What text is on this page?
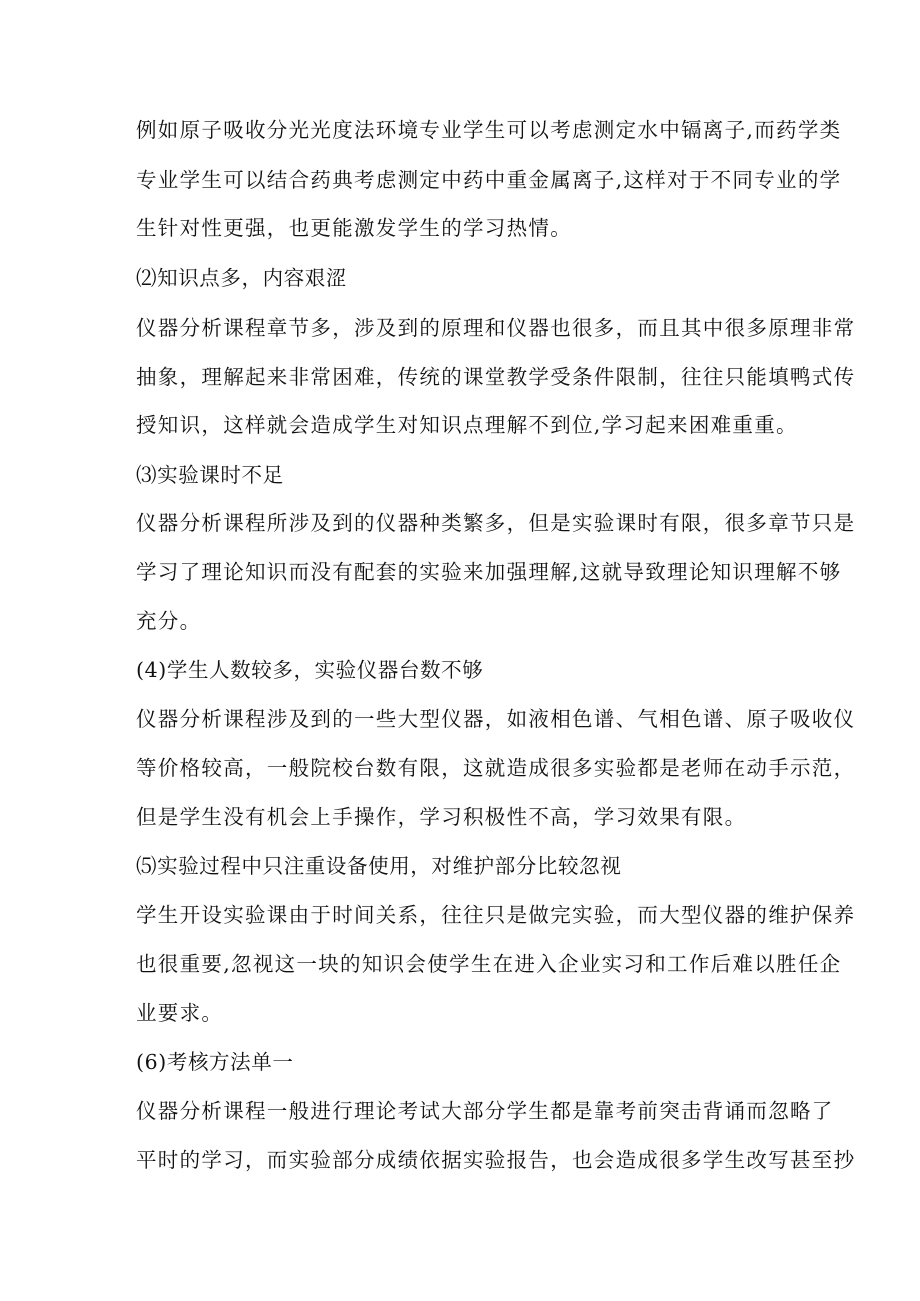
例如原子吸收分光光度法环境专业学生可以考虑测定水中镉离子,而药学类
专业学生可以结合药典考虑测定中药中重金属离子,这样对于不同专业的学
生针对性更强，也更能激发学生的学习热情。
⑵知识点多，内容艰涩
仪器分析课程章节多，涉及到的原理和仪器也很多，而且其中很多原理非常
抽象，理解起来非常困难，传统的课堂教学受条件限制，往往只能填鸭式传
授知识，这样就会造成学生对知识点理解不到位,学习起来困难重重。
⑶实验课时不足
仪器分析课程所涉及到的仪器种类繁多，但是实验课时有限，很多章节只是
学习了理论知识而没有配套的实验来加强理解,这就导致理论知识理解不够
充分。
(4)学生人数较多，实验仪器台数不够
仪器分析课程涉及到的一些大型仪器，如液相色谱、气相色谱、原子吸收仪
等价格较高，一般院校台数有限，这就造成很多实验都是老师在动手示范，
但是学生没有机会上手操作，学习积极性不高，学习效果有限。
⑸实验过程中只注重设备使用，对维护部分比较忽视
学生开设实验课由于时间关系，往往只是做完实验，而大型仪器的维护保养
也很重要,忽视这一块的知识会使学生在进入企业实习和工作后难以胜任企
业要求。
(6)考核方法单一
仪器分析课程一般进行理论考试大部分学生都是靠考前突击背诵而忽略了
平时的学习，而实验部分成绩依据实验报告，也会造成很多学生改写甚至抄
